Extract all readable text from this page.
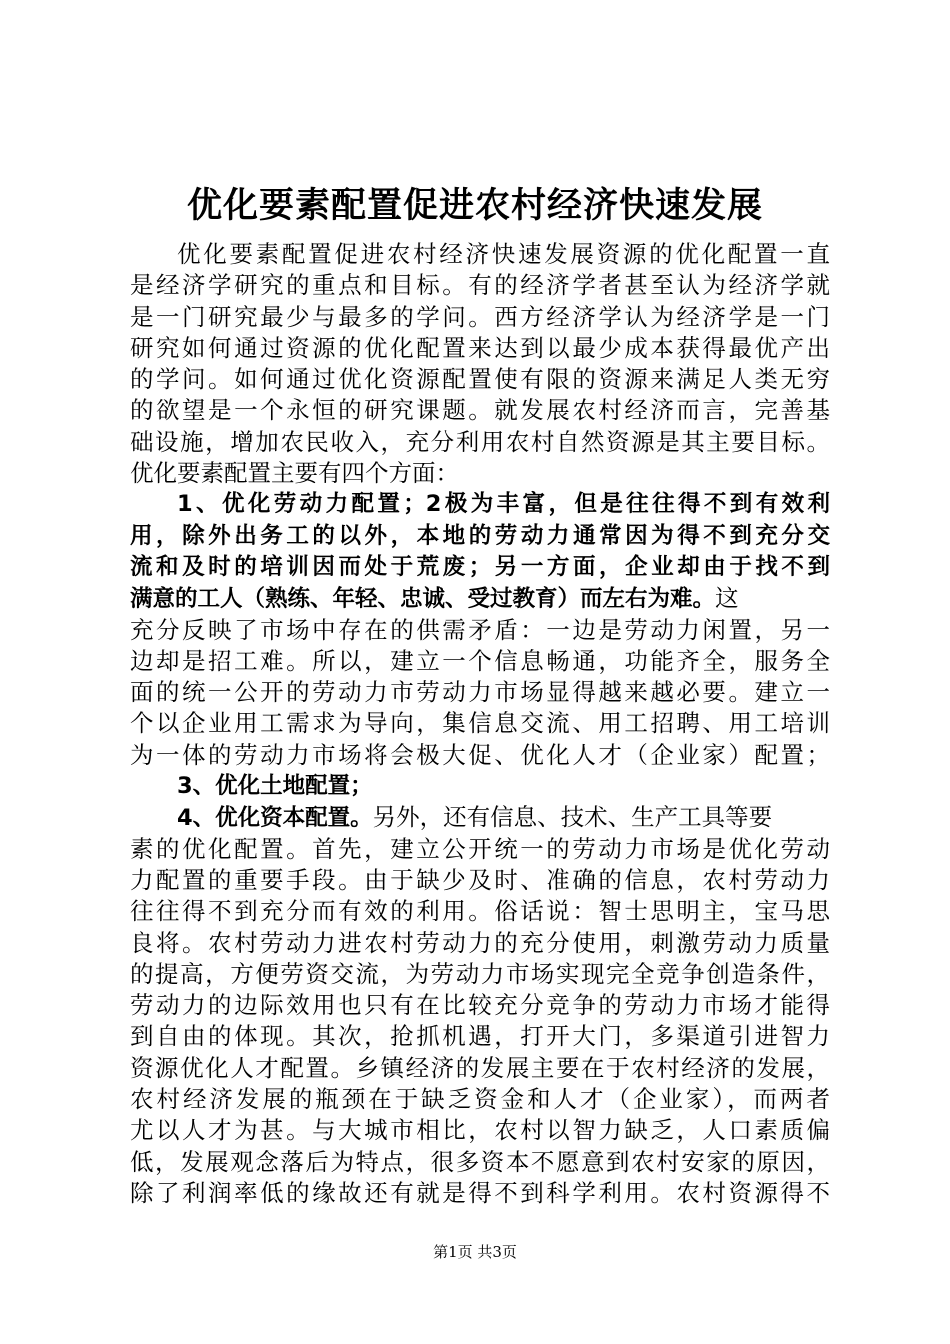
优化要素配置促进农村经济快速发展
优化要素配置促进农村经济快速发展资源的优化配置一直
是经济学研究的重点和目标。有的经济学者甚至认为经济学就
是一门研究最少与最多的学问。西方经济学认为经济学是一门
研究如何通过资源的优化配置来达到以最少成本获得最优产出
的学问。如何通过优化资源配置使有限的资源来满足人类无穷
的欲望是一个永恒的研究课题。就发展农村经济而言，完善基
础设施，增加农民收入，充分利用农村自然资源是其主要目标。
优化要素配置主要有四个方面：
1、优化劳动力配置；2极为丰富，但是往往得不到有效利
用，除外出务工的以外，本地的劳动力通常因为得不到充分交
流和及时的培训因而处于荒废；另一方面，企业却由于找不到
满意的工人（熟练、年轻、忠诚、受过教育）而左右为难。这
充分反映了市场中存在的供需矛盾：一边是劳动力闲置，另一
边却是招工难。所以，建立一个信息畅通，功能齐全，服务全
面的统一公开的劳动力市劳动力市场显得越来越必要。建立一
个以企业用工需求为导向，集信息交流、用工招聘、用工培训
为一体的劳动力市场将会极大促、优化人才（企业家）配置；
3、优化土地配置；
4、优化资本配置。另外，还有信息、技术、生产工具等要
素的优化配置。首先，建立公开统一的劳动力市场是优化劳动
力配置的重要手段。由于缺少及时、准确的信息，农村劳动力
往往得不到充分而有效的利用。俗话说：智士思明主，宝马思
良将。农村劳动力进农村劳动力的充分使用，刺激劳动力质量
的提高，方便劳资交流，为劳动力市场实现完全竞争创造条件，
劳动力的边际效用也只有在比较充分竞争的劳动力市场才能得
到自由的体现。其次，抢抓机遇，打开大门，多渠道引进智力
资源优化人才配置。乡镇经济的发展主要在于农村经济的发展，
农村经济发展的瓶颈在于缺乏资金和人才（企业家），而两者
尤以人才为甚。与大城市相比，农村以智力缺乏，人口素质偏
低，发展观念落后为特点，很多资本不愿意到农村安家的原因，
除了利润率低的缘故还有就是得不到科学利用。农村资源得不
第1页 共3页
